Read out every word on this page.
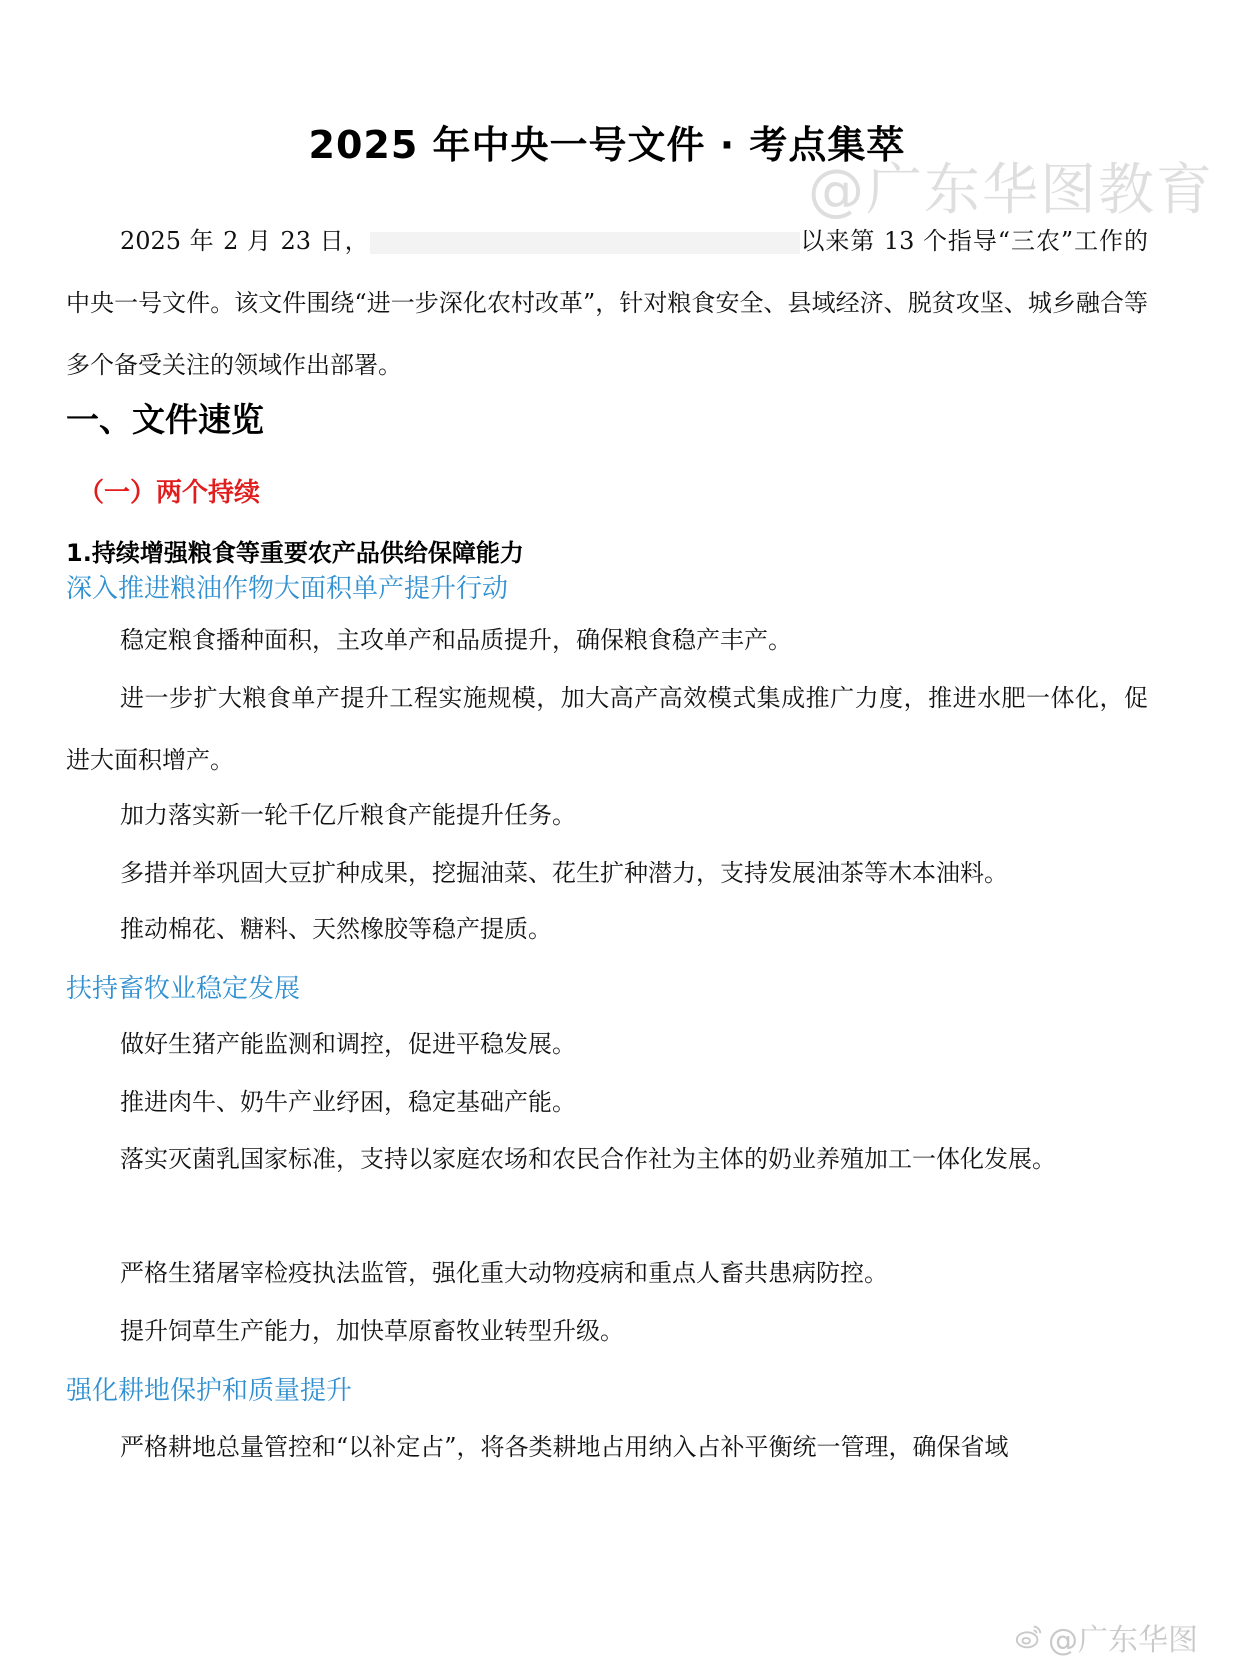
2025 年中央一号文件 · 考点集萃
@广东华图教育
2025 年 2 月 23 日，	以来第 13 个指导“三农”工作的中央一号文件。该文件围绕“进一步深化农村改革”，针对粮食安全、县域经济、脱贫攻坚、城乡融合等多个备受关注的领域作出部署。
一、文件速览
（一）两个持续
1.持续增强粮食等重要农产品供给保障能力
深入推进粮油作物大面积单产提升行动
稳定粮食播种面积，主攻单产和品质提升，确保粮食稳产丰产。
进一步扩大粮食单产提升工程实施规模，加大高产高效模式集成推广力度，推进水肥一体化，促进大面积增产。
加力落实新一轮千亿斤粮食产能提升任务。
多措并举巩固大豆扩种成果，挖掘油菜、花生扩种潜力，支持发展油茶等木本油料。
推动棉花、糖料、天然橡胶等稳产提质。
扶持畜牧业稳定发展
做好生猪产能监测和调控，促进平稳发展。
推进肉牛、奶牛产业纾困，稳定基础产能。
落实灭菌乳国家标准，支持以家庭农场和农民合作社为主体的奶业养殖加工一体化发展。
严格生猪屠宰检疫执法监管，强化重大动物疫病和重点人畜共患病防控。
提升饲草生产能力，加快草原畜牧业转型升级。
强化耕地保护和质量提升
严格耕地总量管控和“以补定占”，将各类耕地占用纳入占补平衡统一管理，确保省域
@广东华图
